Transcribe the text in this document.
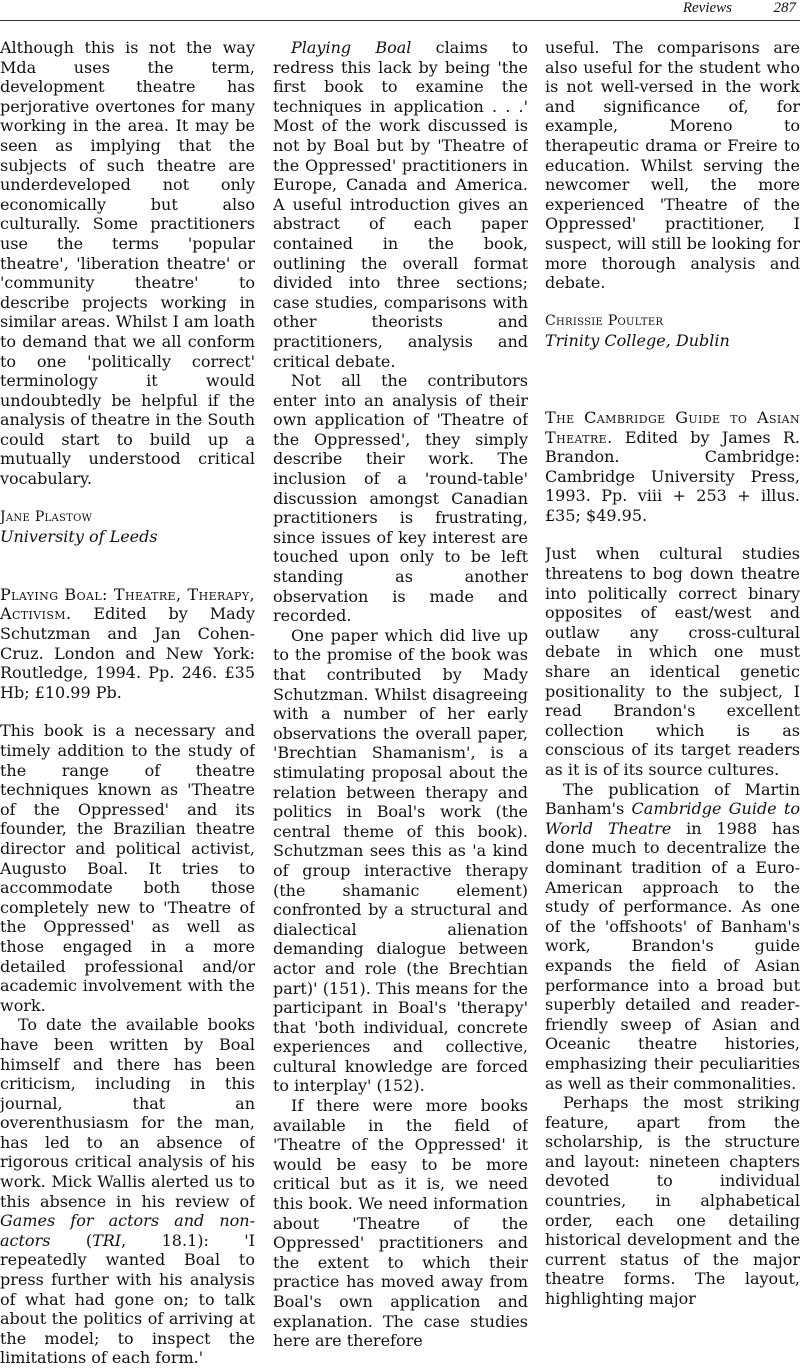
Reviews	287

Although this is not the way Mda uses the term, development theatre has perjorative overtones for many working in the area. It may be seen as implying that the subjects of such theatre are underdeveloped not only economically but also culturally. Some practitioners use the terms 'popular theatre', 'liberation theatre' or 'community theatre' to describe projects working in similar areas. Whilst I am loath to demand that we all conform to one 'politically correct' terminology it would undoubtedly be helpful if the analysis of theatre in the South could start to build up a mutually understood critical vocabulary.

Jane Plastow

University of Leeds

Playing Boal: Theatre, Therapy, Activism. Edited by Mady Schutzman and Jan Cohen-Cruz. London and New York: Routledge, 1994. Pp. 246. £35 Hb; £10.99 Pb.

This book is a necessary and timely addition to the study of the range of theatre techniques known as 'Theatre of the Oppressed' and its founder, the Brazilian theatre director and political activist, Augusto Boal. It tries to accommodate both those completely new to 'Theatre of the Oppressed' as well as those engaged in a more detailed professional and/or academic involvement with the work.

To date the available books have been written by Boal himself and there has been criticism, including in this journal, that an overenthusiasm for the man, has led to an absence of rigorous critical analysis of his work. Mick Wallis alerted us to this absence in his review of Games for actors and non-actors (TRI, 18.1): 'I repeatedly wanted Boal to press further with his analysis of what had gone on; to talk about the politics of arriving at the model; to inspect the limitations of each form.'

Playing Boal claims to redress this lack by being 'the first book to examine the techniques in application . . .' Most of the work discussed is not by Boal but by 'Theatre of the Oppressed' practitioners in Europe, Canada and America. A useful introduction gives an abstract of each paper contained in the book, outlining the overall format divided into three sections; case studies, comparisons with other theorists and practitioners, analysis and critical debate.

Not all the contributors enter into an analysis of their own application of 'Theatre of the Oppressed', they simply describe their work. The inclusion of a 'round-table' discussion amongst Canadian practitioners is frustrating, since issues of key interest are touched upon only to be left standing as another observation is made and recorded.

One paper which did live up to the promise of the book was that contributed by Mady Schutzman. Whilst disagreeing with a number of her early observations the overall paper, 'Brechtian Shamanism', is a stimulating proposal about the relation between therapy and politics in Boal's work (the central theme of this book). Schutzman sees this as 'a kind of group interactive therapy (the shamanic element) confronted by a structural and dialectical alienation demanding dialogue between actor and role (the Brechtian part)' (151). This means for the participant in Boal's 'therapy' that 'both individual, concrete experiences and collective, cultural knowledge are forced to interplay' (152).

If there were more books available in the field of 'Theatre of the Oppressed' it would be easy to be more critical but as it is, we need this book. We need information about 'Theatre of the Oppressed' practitioners and the extent to which their practice has moved away from Boal's own application and explanation. The case studies here are therefore

useful. The comparisons are also useful for the student who is not well-versed in the work and significance of, for example, Moreno to therapeutic drama or Freire to education. Whilst serving the newcomer well, the more experienced 'Theatre of the Oppressed' practitioner, I suspect, will still be looking for more thorough analysis and debate.

Chrissie Poulter

Trinity College, Dublin

The Cambridge Guide to Asian Theatre. Edited by James R. Brandon. Cambridge: Cambridge University Press, 1993. Pp. viii + 253 + illus. £35; $49.95.

Just when cultural studies threatens to bog down theatre into politically correct binary opposites of east/west and outlaw any cross-cultural debate in which one must share an identical genetic positionality to the subject, I read Brandon's excellent collection which is as conscious of its target readers as it is of its source cultures.

The publication of Martin Banham's Cambridge Guide to World Theatre in 1988 has done much to decentralize the dominant tradition of a Euro-American approach to the study of performance. As one of the 'offshoots' of Banham's work, Brandon's guide expands the field of Asian performance into a broad but superbly detailed and reader-friendly sweep of Asian and Oceanic theatre histories, emphasizing their peculiarities as well as their commonalities.

Perhaps the most striking feature, apart from the scholarship, is the structure and layout: nineteen chapters devoted to individual countries, in alphabetical order, each one detailing historical development and the current status of the major theatre forms. The layout, highlighting major
